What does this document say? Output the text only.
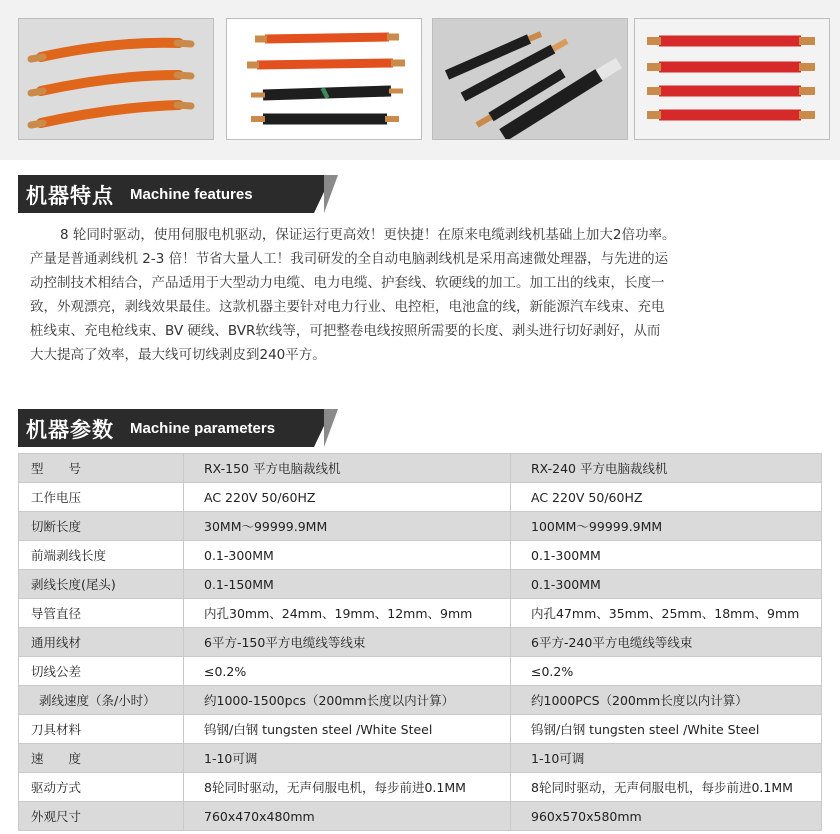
机器特点 Machine features
8 轮同时驱动，使用伺服电机驱动，保证运行更高效！更快捷！在原来电缆剥线机基础上加大2倍功率。
产量是普通剥线机 2-3 倍！节省大量人工！我司研发的全自动电脑剥线机是采用高速微处理器，与先进的运
动控制技术相结合，产品适用于大型动力电缆、电力电缆、护套线、软硬线的加工。加工出的线束，长度一
致，外观漂亮，剥线效果最佳。这款机器主要针对电力行业、电控柜，电池盒的线，新能源汽车线束、充电
桩线束、充电枪线束、BV 硬线、BVR软线等，可把整卷电线按照所需要的长度、剥头进行切好剥好，从而
大大提高了效率，最大线可切线剥皮到240平方。
机器参数 Machine parameters
型　　号	RX-150 平方电脑裁线机	RX-240 平方电脑裁线机
工作电压	AC 220V 50/60HZ	AC 220V 50/60HZ
切断长度	30MM～99999.9MM	100MM～99999.9MM
前端剥线长度	0.1-300MM	0.1-300MM
剥线长度(尾头)	0.1-150MM	0.1-300MM
导管直径	内孔30mm、24mm、19mm、12mm、9mm	内孔47mm、35mm、25mm、18mm、9mm
通用线材	6平方-150平方电缆线等线束	6平方-240平方电缆线等线束
切线公差	≤0.2%	≤0.2%
剥线速度（条/小时）	约1000-1500pcs（200mm长度以内计算）	约1000PCS（200mm长度以内计算）
刀具材料	钨钢/白钢 tungsten steel /White Steel	钨钢/白钢 tungsten steel /White Steel
速　　度	1-10可调	1-10可调
驱动方式	8轮同时驱动，无声伺服电机，每步前进0.1MM	8轮同时驱动，无声伺服电机，每步前进0.1MM
外观尺寸	760x470x480mm	960x570x580mm
